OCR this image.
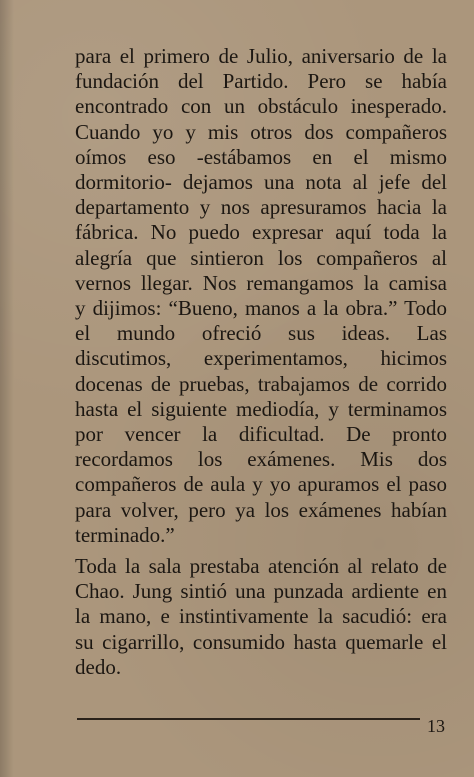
para el primero de Julio, aniversario de la
fundación del Partido. Pero se había
encontrado con un obstáculo inesperado.
Cuando yo y mis otros dos compañeros
oímos eso -estábamos en el mismo
dormitorio- dejamos una nota al jefe del
departamento y nos apresuramos hacia la
fábrica. No puedo expresar aquí toda la
alegría que sintieron los compañeros al
vernos llegar. Nos remangamos la camisa
y dijimos: “Bueno, manos a la obra.” Todo
el mundo ofreció sus ideas. Las
discutimos, experimentamos, hicimos
docenas de pruebas, trabajamos de corrido
hasta el siguiente mediodía, y terminamos
por vencer la dificultad. De pronto
recordamos los exámenes. Mis dos
compañeros de aula y yo apuramos el paso
para volver, pero ya los exámenes habían
terminado.”

Toda la sala prestaba atención al relato de
Chao. Jung sintió una punzada ardiente en
la mano, e instintivamente la sacudió: era
su cigarrillo, consumido hasta quemarle el
dedo.

13
